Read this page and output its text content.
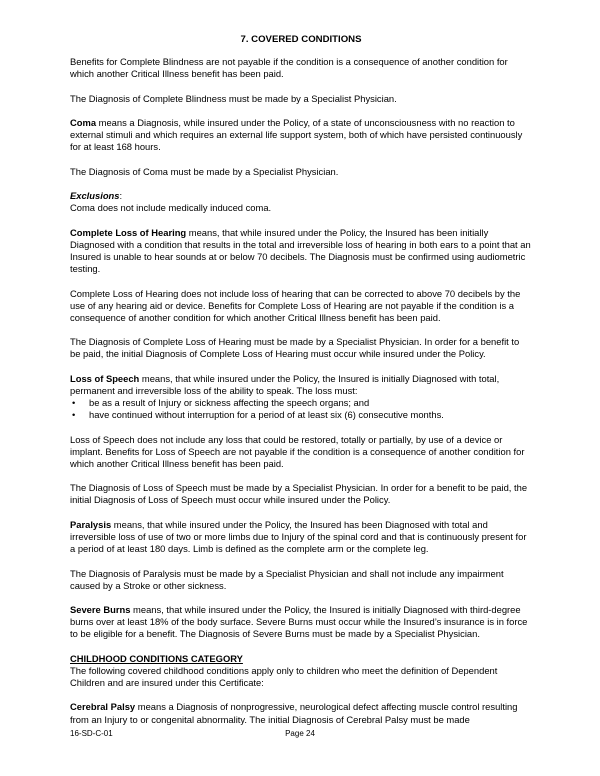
7. COVERED CONDITIONS

Benefits for Complete Blindness are not payable if the condition is a consequence of another condition for which another Critical Illness benefit has been paid.

The Diagnosis of Complete Blindness must be made by a Specialist Physician.

Coma means a Diagnosis, while insured under the Policy, of a state of unconsciousness with no reaction to external stimuli and which requires an external life support system, both of which have persisted continuously for at least 168 hours.

The Diagnosis of Coma must be made by a Specialist Physician.

Exclusions:
Coma does not include medically induced coma.

Complete Loss of Hearing means, that while insured under the Policy, the Insured has been initially Diagnosed with a condition that results in the total and irreversible loss of hearing in both ears to a point that an Insured is unable to hear sounds at or below 70 decibels. The Diagnosis must be confirmed using audiometric testing.

Complete Loss of Hearing does not include loss of hearing that can be corrected to above 70 decibels by the use of any hearing aid or device. Benefits for Complete Loss of Hearing are not payable if the condition is a consequence of another condition for which another Critical Illness benefit has been paid.

The Diagnosis of Complete Loss of Hearing must be made by a Specialist Physician. In order for a benefit to be paid, the initial Diagnosis of Complete Loss of Hearing must occur while insured under the Policy.

Loss of Speech means, that while insured under the Policy, the Insured is initially Diagnosed with total, permanent and irreversible loss of the ability to speak. The loss must:

• be as a result of Injury or sickness affecting the speech organs; and
• have continued without interruption for a period of at least six (6) consecutive months.

Loss of Speech does not include any loss that could be restored, totally or partially, by use of a device or implant. Benefits for Loss of Speech are not payable if the condition is a consequence of another condition for which another Critical Illness benefit has been paid.

The Diagnosis of Loss of Speech must be made by a Specialist Physician. In order for a benefit to be paid, the initial Diagnosis of Loss of Speech must occur while insured under the Policy.

Paralysis means, that while insured under the Policy, the Insured has been Diagnosed with total and irreversible loss of use of two or more limbs due to Injury of the spinal cord and that is continuously present for a period of at least 180 days. Limb is defined as the complete arm or the complete leg.

The Diagnosis of Paralysis must be made by a Specialist Physician and shall not include any impairment caused by a Stroke or other sickness.

Severe Burns means, that while insured under the Policy, the Insured is initially Diagnosed with third-degree burns over at least 18% of the body surface. Severe Burns must occur while the Insured’s insurance is in force to be eligible for a benefit. The Diagnosis of Severe Burns must be made by a Specialist Physician.

CHILDHOOD CONDITIONS CATEGORY

The following covered childhood conditions apply only to children who meet the definition of Dependent Children and are insured under this Certificate:

Cerebral Palsy means a Diagnosis of nonprogressive, neurological defect affecting muscle control resulting from an Injury to or congenital abnormality. The initial Diagnosis of Cerebral Palsy must be made

16-SD-C-01	Page 24
